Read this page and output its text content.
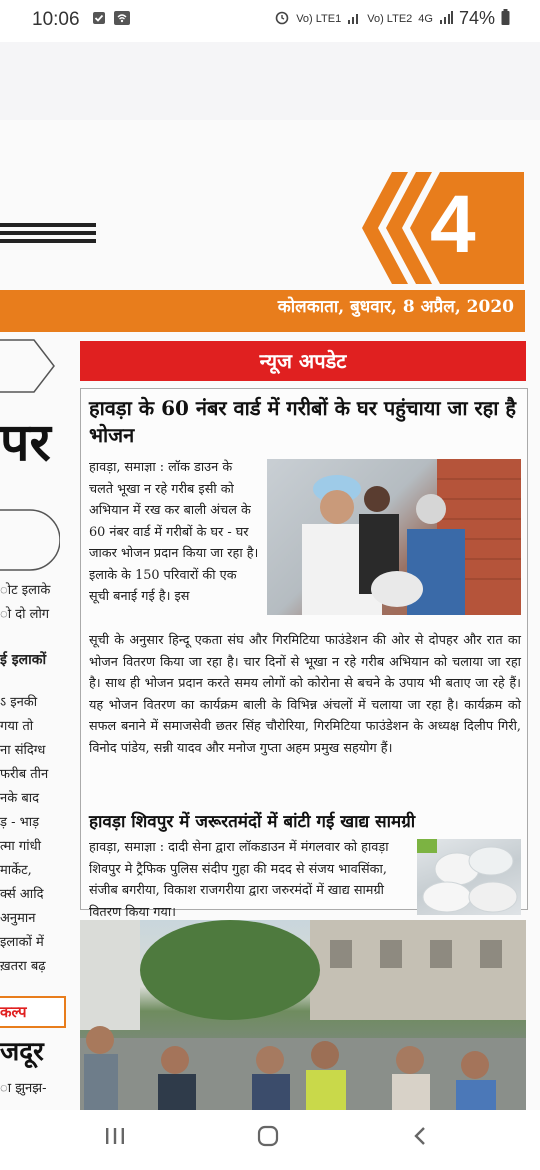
10:06	Vo) LTE1 Vo) LTE2 4G 74%
4
कोलकाता, बुधवार, 8 अप्रैल, 2020
पर
ोट इलाके
ो दो लोग
ई इलाकों
ऽ इनकी
गया तो
ना संदिग्ध
फरीब तीन
नके बाद
ड़ - भाड़
त्मा गांधी
मार्केट,
र्क्स आदि
अनुमान
इलाकों में
ख़तरा बढ़
कल्प
जदूर
ा झुनझ-
न्यूज अपडेट
हावड़ा के 60 नंबर वार्ड में गरीबों के घर पहुंचाया जा रहा है भोजन
हावड़ा, समाज्ञा : लॉक डाउन के चलते भूखा न रहे गरीब इसी को अभियान में रख कर बाली अंचल के 60 नंबर वार्ड में गरीबों के घर - घर जाकर भोजन प्रदान किया जा रहा है। इलाके के 150 परिवारों की एक सूची बनाई गई है। इस
सूची के अनुसार हिन्दू एकता संघ और गिरमिटिया फाउंडेशन की ओर से दोपहर और रात का भोजन वितरण किया जा रहा है। चार दिनों से भूखा न रहे गरीब अभियान को चलाया जा रहा है। साथ ही भोजन प्रदान करते समय लोगों को कोरोना से बचने के उपाय भी बताए जा रहे हैं। यह भोजन वितरण का कार्यक्रम बाली के विभिन्न अंचलों में चलाया जा रहा है। कार्यक्रम को सफल बनाने में समाजसेवी छतर सिंह चौरोरिया, गिरमिटिया फाउंडेशन के अध्यक्ष दिलीप गिरी, विनोद पांडेय, सन्नी यादव और मनोज गुप्ता अहम प्रमुख सहयोग हैं।
हावड़ा शिवपुर में जरूरतमंदों में बांटी गई खाद्य सामग्री
हावड़ा, समाज्ञा : दादी सेना द्वारा लॉकडाउन में मंगलवार को हावड़ा शिवपुर मे ट्रैफिक पुलिस संदीप गुहा की मदद से संजय भावसिंका, संजीब बगरीया, विकाश राजगरीया द्वारा जरुरमंदों में खाद्य सामग्री वितरण किया गया।
